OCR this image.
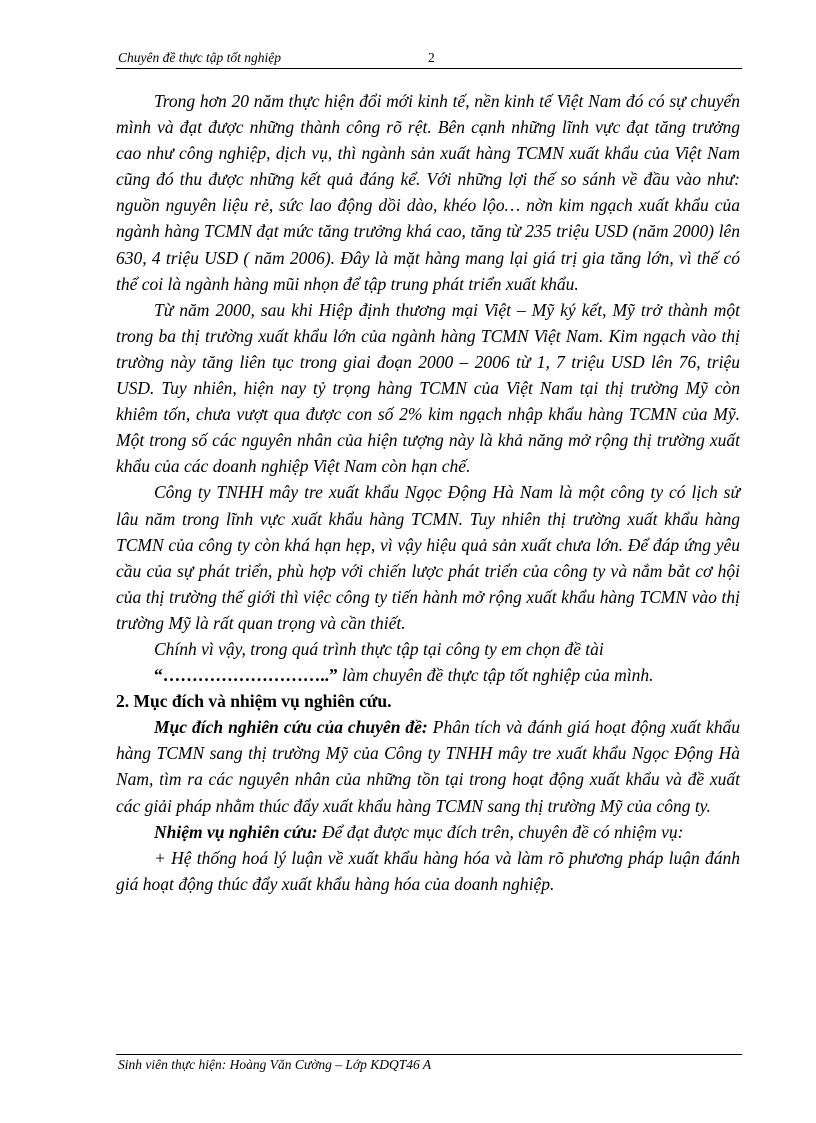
Chuyên đề thực tập tốt nghiệp	2

Trong hơn 20 năm thực hiện đổi mới kinh tế, nền kinh tế Việt Nam đó có sự chuyển mình và đạt được những thành công rõ rệt. Bên cạnh những lĩnh vực đạt tăng trưởng cao như công nghiệp, dịch vụ, thì ngành sản xuất hàng TCMN xuất khẩu của Việt Nam cũng đó thu được những kết quả đáng kể. Với những lợi thế so sánh về đầu vào như: nguồn nguyên liệu rẻ, sức lao động dồi dào, khéo lộo… nờn kim ngạch xuất khẩu của ngành hàng TCMN đạt mức tăng trưởng khá cao, tăng từ 235 triệu USD (năm 2000) lên 630, 4 triệu USD ( năm 2006). Đây là mặt hàng mang lại giá trị gia tăng lớn, vì thế có thể coi là ngành hàng mũi nhọn để tập trung phát triển xuất khẩu.

Từ năm 2000, sau khi Hiệp định thương mại Việt – Mỹ ký kết, Mỹ trở thành một trong ba thị trường xuất khẩu lớn của ngành hàng TCMN Việt Nam. Kim ngạch vào thị trường này tăng liên tục trong giai đoạn 2000 – 2006 từ 1, 7 triệu USD lên 76, triệu USD. Tuy nhiên, hiện nay tỷ trọng hàng TCMN của Việt Nam tại thị trường Mỹ còn khiêm tốn, chưa vượt qua được con số 2% kim ngạch nhập khẩu hàng TCMN của Mỹ. Một trong số các nguyên nhân của hiện tượng này là khả năng mở rộng thị trường xuất khẩu của các doanh nghiệp Việt Nam còn hạn chế.

Công ty TNHH mây tre xuất khẩu Ngọc Động Hà Nam là một công ty có lịch sử lâu năm trong lĩnh vực xuất khẩu hàng TCMN. Tuy nhiên thị trường xuất khẩu hàng TCMN của công ty còn khá hạn hẹp, vì vậy hiệu quả sản xuất chưa lớn. Để đáp ứng yêu cầu của sự phát triển, phù hợp với chiến lược phát triển của công ty và nắm bắt cơ hội của thị trường thế giới thì việc công ty tiến hành mở rộng xuất khẩu hàng TCMN vào thị trường Mỹ là rất quan trọng và cần thiết.

Chính vì vậy, trong quá trình thực tập tại công ty em chọn đề tài

“………………………..” làm chuyên đề thực tập tốt nghiệp của mình.

2. Mục đích và nhiệm vụ nghiên cứu.

Mục đích nghiên cứu của chuyên đề: Phân tích và đánh giá hoạt động xuất khẩu hàng TCMN sang thị trường Mỹ của Công ty TNHH mây tre xuất khẩu Ngọc Động Hà Nam, tìm ra các nguyên nhân của những tồn tại trong hoạt động xuất khẩu và đề xuất các giải pháp nhằm thúc đẩy xuất khẩu hàng TCMN sang thị trường Mỹ của công ty.

Nhiệm vụ nghiên cứu: Để đạt được mục đích trên, chuyên đề có nhiệm vụ:

+ Hệ thống hoá lý luận về xuất khẩu hàng hóa và làm rõ phương pháp luận đánh giá hoạt động thúc đẩy xuất khẩu hàng hóa của doanh nghiệp.

Sinh viên thực hiện: Hoàng Văn Cường – Lớp KDQT46 A
